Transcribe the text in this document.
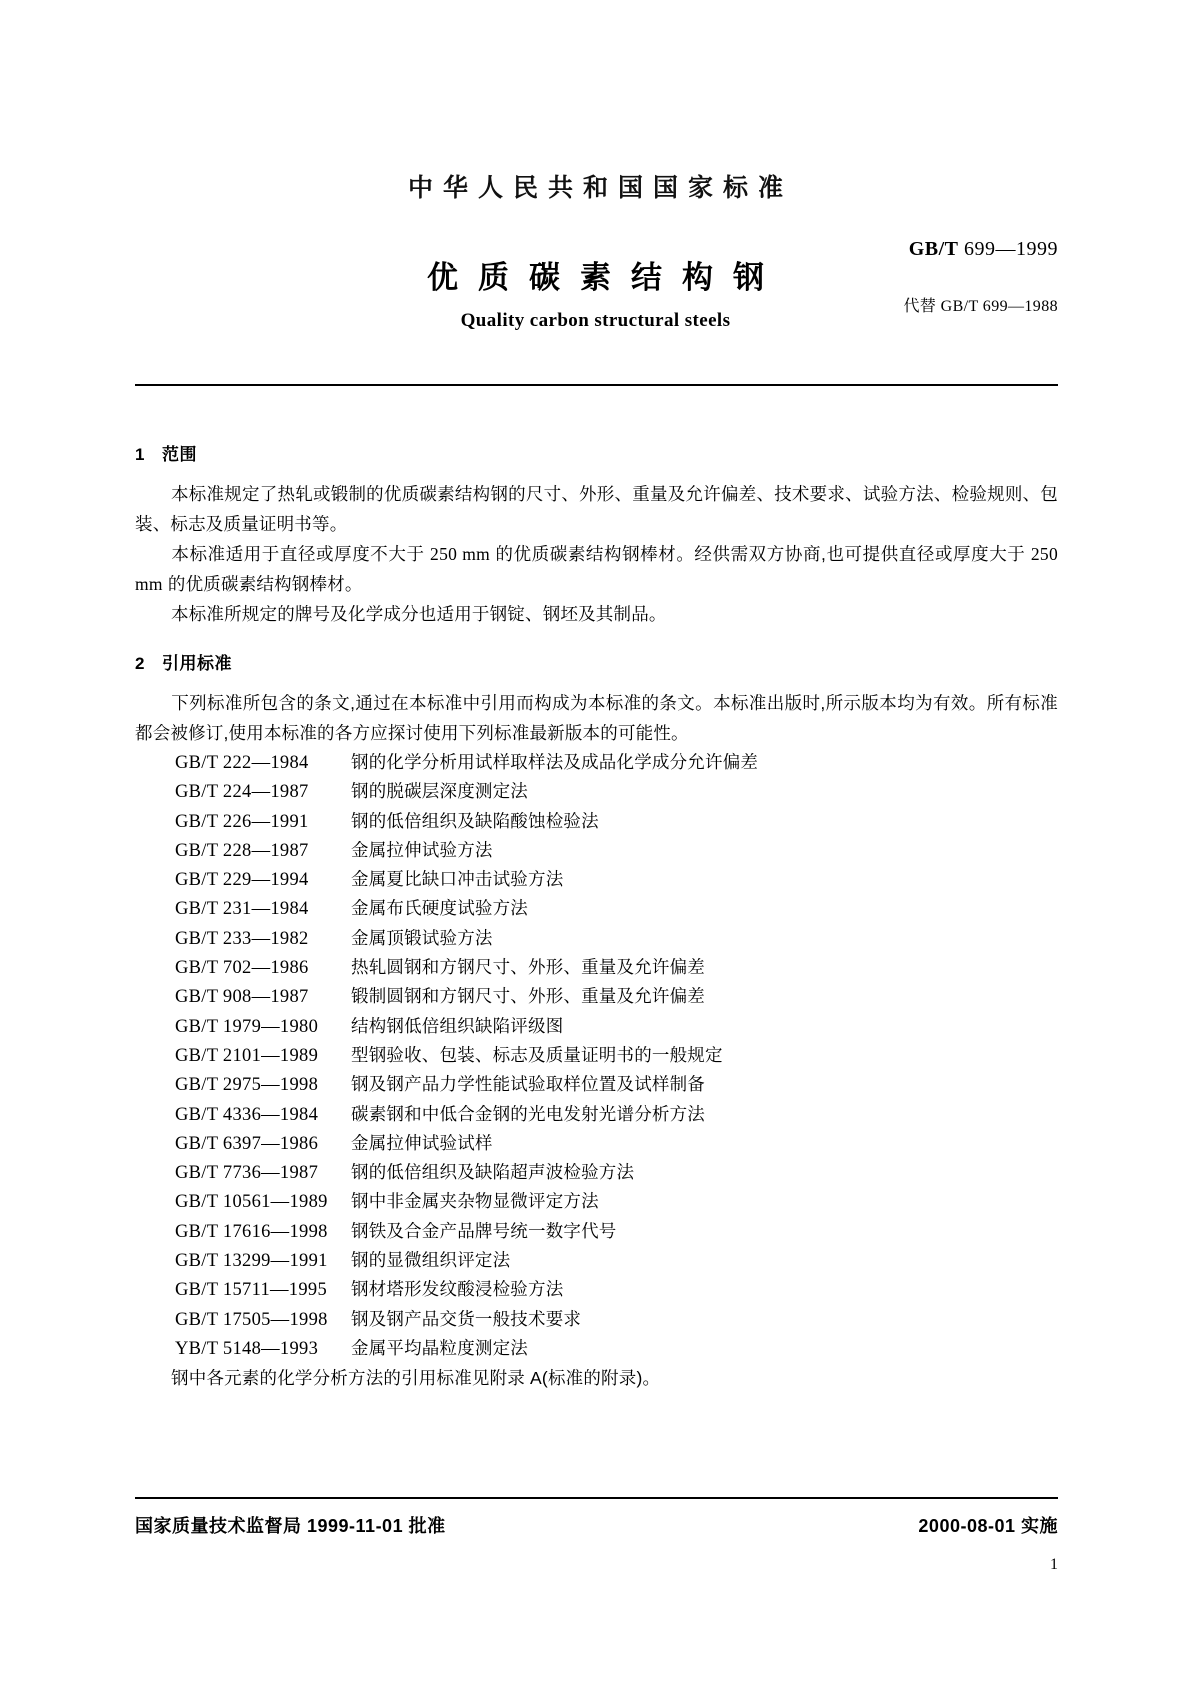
中华人民共和国国家标准
优质碳素结构钢
Quality carbon structural steels
GB/T 699—1999
代替 GB/T 699—1988
1 范围

本标准规定了热轧或锻制的优质碳素结构钢的尺寸、外形、重量及允许偏差、技术要求、试验方法、检验规则、包装、标志及质量证明书等。

本标准适用于直径或厚度不大于 250 mm 的优质碳素结构钢棒材。经供需双方协商,也可提供直径或厚度大于 250 mm 的优质碳素结构钢棒材。

本标准所规定的牌号及化学成分也适用于钢锭、钢坯及其制品。

2 引用标准

下列标准所包含的条文,通过在本标准中引用而构成为本标准的条文。本标准出版时,所示版本均为有效。所有标准都会被修订,使用本标准的各方应探讨使用下列标准最新版本的可能性。

GB/T 222—1984 钢的化学分析用试样取样法及成品化学成分允许偏差
GB/T 224—1987 钢的脱碳层深度测定法
GB/T 226—1991 钢的低倍组织及缺陷酸蚀检验法
GB/T 228—1987 金属拉伸试验方法
GB/T 229—1994 金属夏比缺口冲击试验方法
GB/T 231—1984 金属布氏硬度试验方法
GB/T 233—1982 金属顶锻试验方法
GB/T 702—1986 热轧圆钢和方钢尺寸、外形、重量及允许偏差
GB/T 908—1987 锻制圆钢和方钢尺寸、外形、重量及允许偏差
GB/T 1979—1980 结构钢低倍组织缺陷评级图
GB/T 2101—1989 型钢验收、包装、标志及质量证明书的一般规定
GB/T 2975—1998 钢及钢产品力学性能试验取样位置及试样制备
GB/T 4336—1984 碳素钢和中低合金钢的光电发射光谱分析方法
GB/T 6397—1986 金属拉伸试验试样
GB/T 7736—1987 钢的低倍组织及缺陷超声波检验方法
GB/T 10561—1989 钢中非金属夹杂物显微评定方法
GB/T 17616—1998 钢铁及合金产品牌号统一数字代号
GB/T 13299—1991 钢的显微组织评定法
GB/T 15711—1995 钢材塔形发纹酸浸检验方法
GB/T 17505—1998 钢及钢产品交货一般技术要求
YB/T 5148—1993 金属平均晶粒度测定法
钢中各元素的化学分析方法的引用标准见附录 A(标准的附录)。
国家质量技术监督局 1999-11-01 批准	2000-08-01 实施
1
